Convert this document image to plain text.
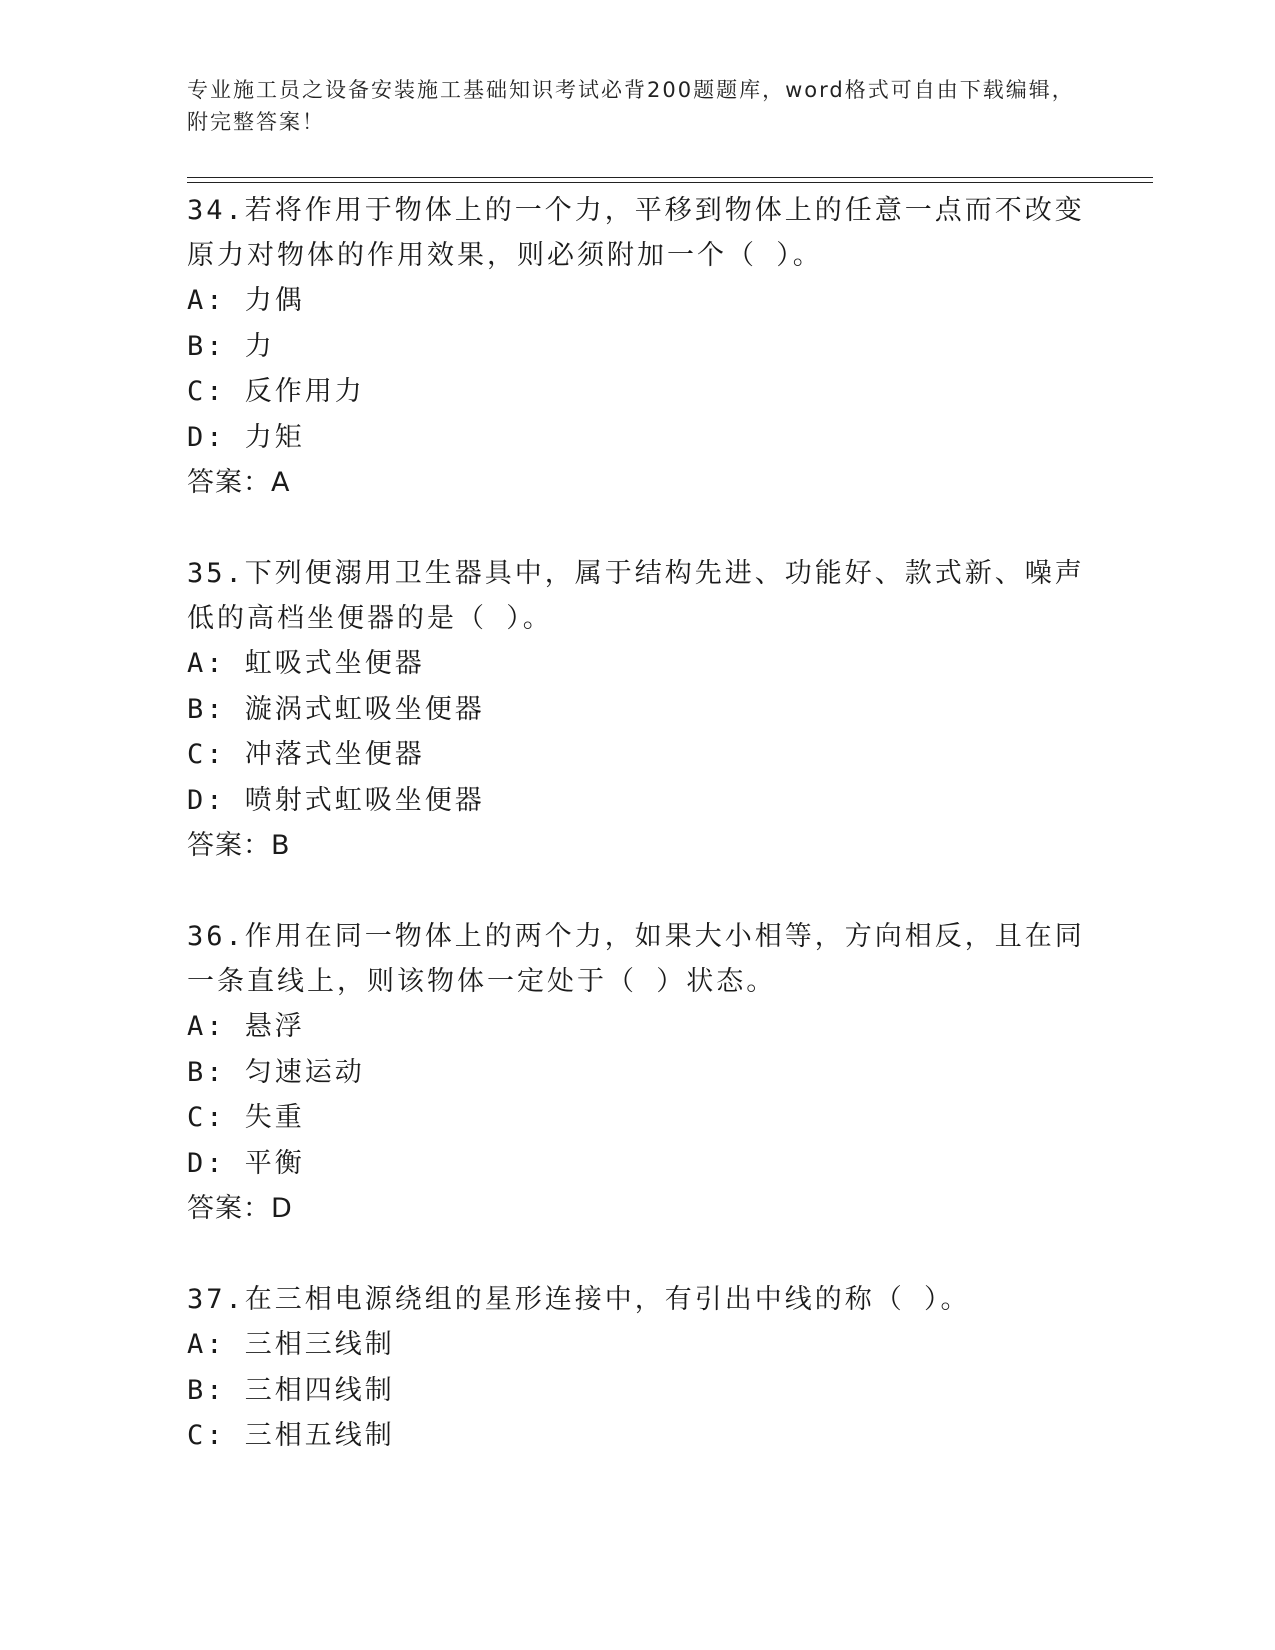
专业施工员之设备安装施工基础知识考试必背200题题库，word格式可自由下载编辑，附完整答案！

34.若将作用于物体上的一个力，平移到物体上的任意一点而不改变原力对物体的作用效果，则必须附加一个（ ）。

A: 力偶

B: 力

C: 反作用力

D: 力矩

答案：A

35.下列便溺用卫生器具中，属于结构先进、功能好、款式新、噪声低的高档坐便器的是（ ）。

A: 虹吸式坐便器

B: 漩涡式虹吸坐便器

C: 冲落式坐便器

D: 喷射式虹吸坐便器

答案：B

36.作用在同一物体上的两个力，如果大小相等，方向相反，且在同一条直线上，则该物体一定处于（ ）状态。

A: 悬浮

B: 匀速运动

C: 失重

D: 平衡

答案：D

37.在三相电源绕组的星形连接中，有引出中线的称（ ）。

A: 三相三线制

B: 三相四线制

C: 三相五线制
